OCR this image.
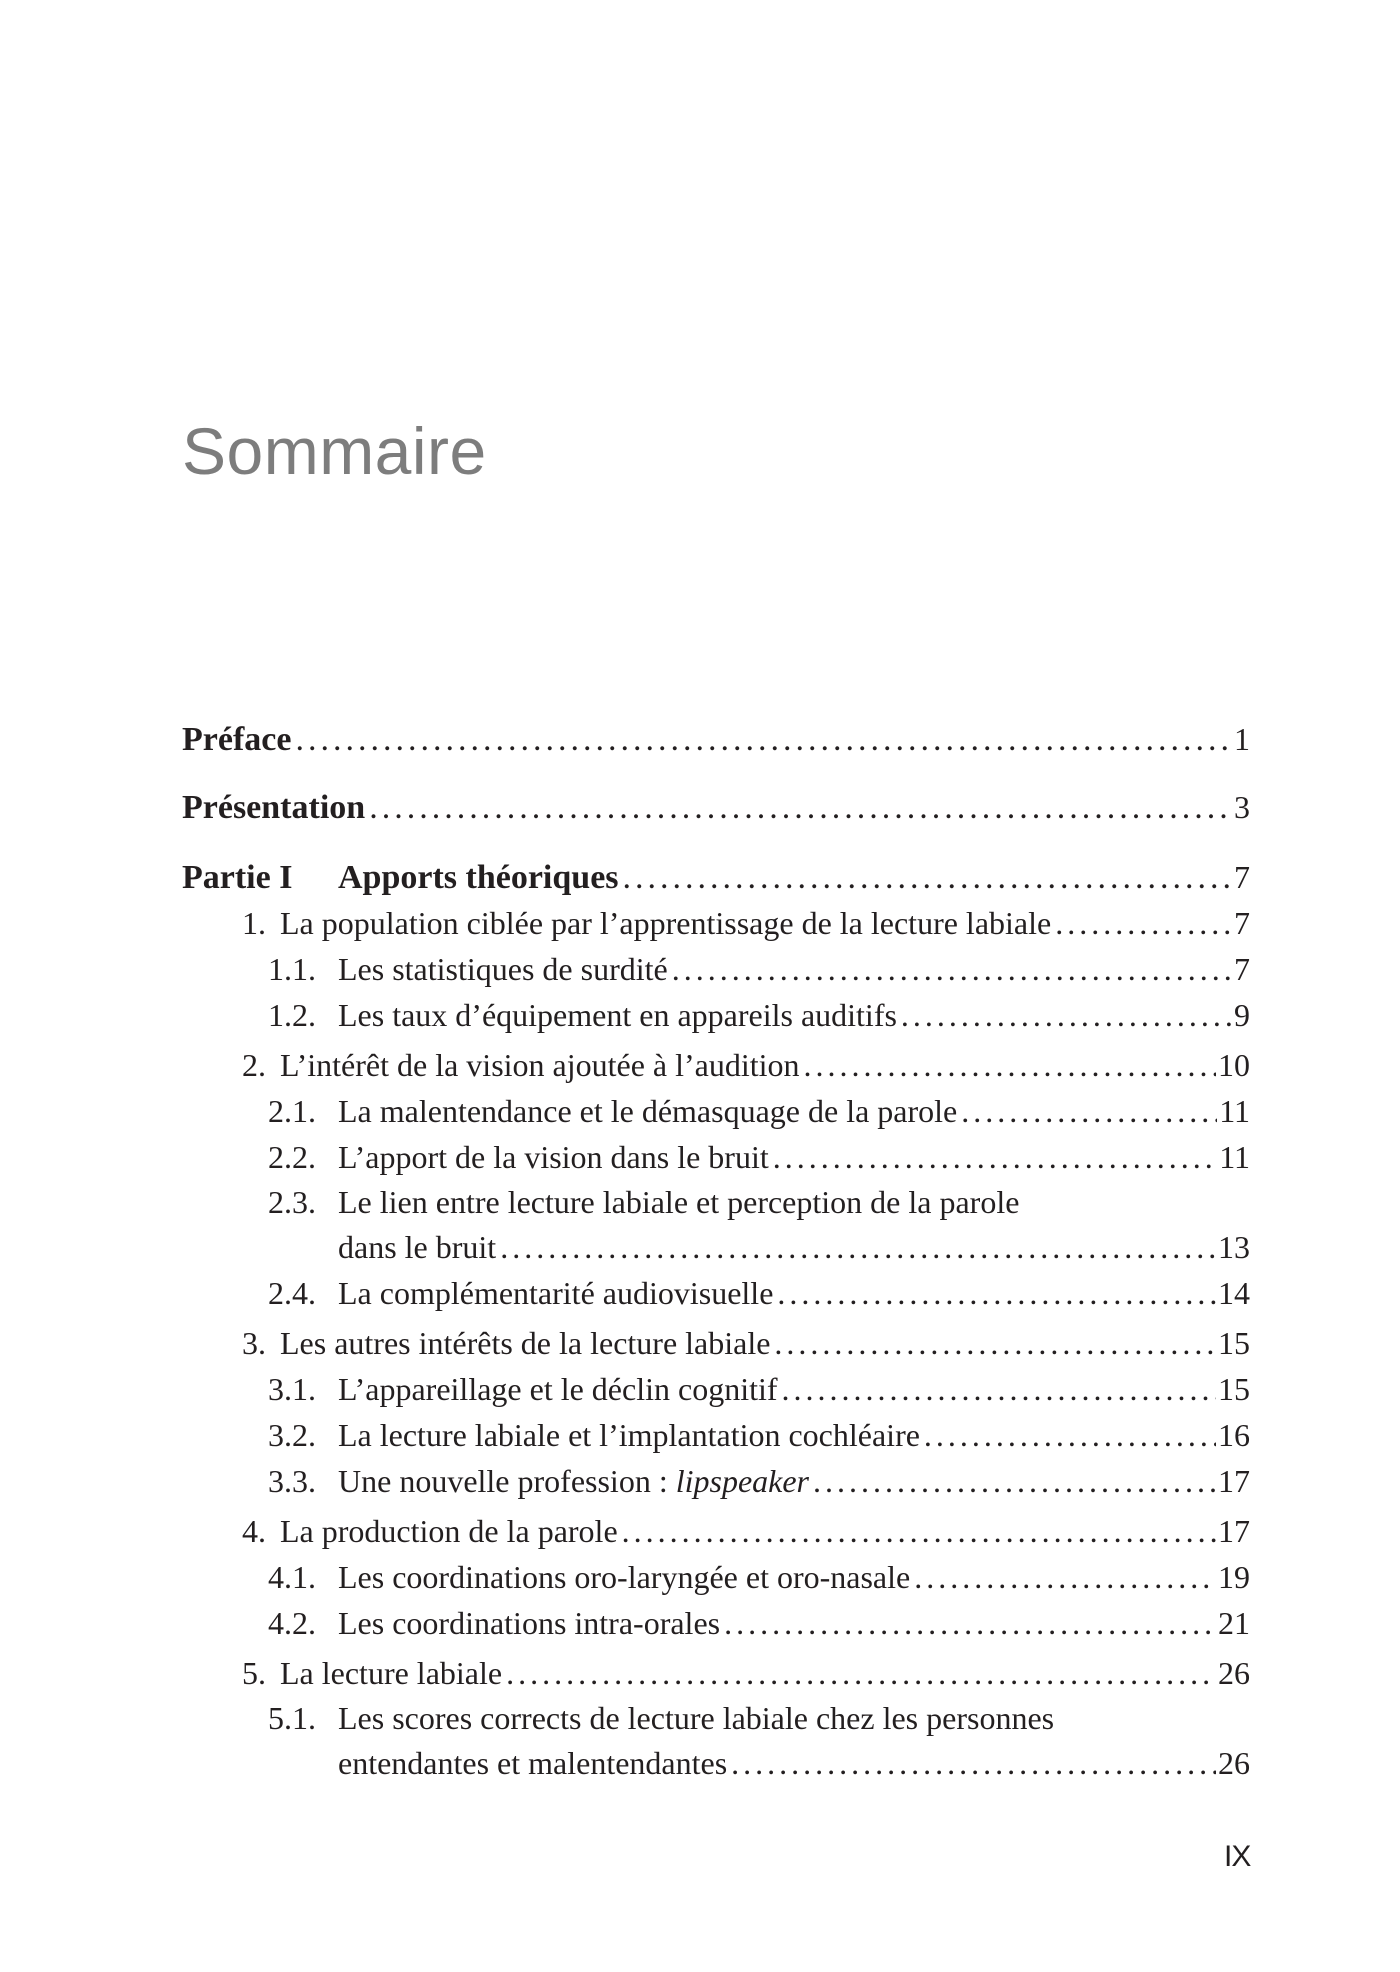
Sommaire
Préface .....	1
Présentation .....	3
Partie I	Apports théoriques .....	7
1. La population ciblée par l’apprentissage de la lecture labiale .....	7
1.1. Les statistiques de surdité .....	7
1.2. Les taux d’équipement en appareils auditifs .....	9
2. L’intérêt de la vision ajoutée à l’audition .....	10
2.1. La malentendance et le démasquage de la parole .....	11
2.2. L’apport de la vision dans le bruit .....	11
2.3. Le lien entre lecture labiale et perception de la parole
dans le bruit .....	13
2.4. La complémentarité audiovisuelle .....	14
3. Les autres intérêts de la lecture labiale .....	15
3.1. L’appareillage et le déclin cognitif .....	15
3.2. La lecture labiale et l’implantation cochléaire .....	16
3.3. Une nouvelle profession :
lipspeaker .....	17
4. La production de la parole .....	17
4.1. Les coordinations oro-laryngée et oro-nasale .....	19
4.2. Les coordinations intra-orales .....	21
5. La lecture labiale .....	26
5.1. Les scores corrects de lecture labiale chez les personnes
entendantes et malentendantes .....	26
IX
